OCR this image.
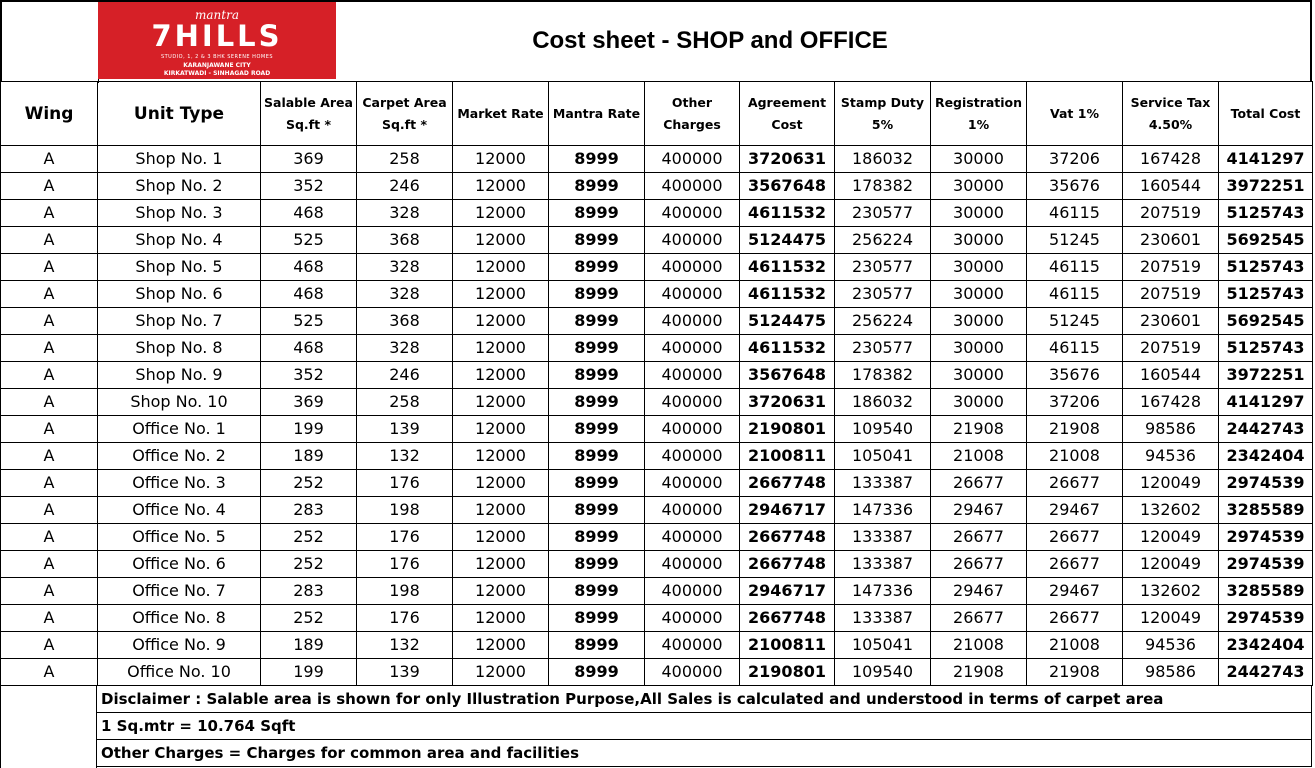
mantra
7HILLS
STUDIO, 1, 2 & 3 BHK SERENE HOMES
KARANJAWANE CITY
KIRKATWADI - SINHAGAD ROAD
Cost sheet - SHOP and OFFICE
Wing	Unit Type	Salable Area Sq.ft *	Carpet Area Sq.ft *	Market Rate	Mantra Rate	Other Charges	Agreement Cost	Stamp Duty 5%	Registration 1%	Vat 1%	Service Tax 4.50%	Total Cost
A	Shop No. 1	369	258	12000	8999	400000	3720631	186032	30000	37206	167428	4141297
A	Shop No. 2	352	246	12000	8999	400000	3567648	178382	30000	35676	160544	3972251
A	Shop No. 3	468	328	12000	8999	400000	4611532	230577	30000	46115	207519	5125743
A	Shop No. 4	525	368	12000	8999	400000	5124475	256224	30000	51245	230601	5692545
A	Shop No. 5	468	328	12000	8999	400000	4611532	230577	30000	46115	207519	5125743
A	Shop No. 6	468	328	12000	8999	400000	4611532	230577	30000	46115	207519	5125743
A	Shop No. 7	525	368	12000	8999	400000	5124475	256224	30000	51245	230601	5692545
A	Shop No. 8	468	328	12000	8999	400000	4611532	230577	30000	46115	207519	5125743
A	Shop No. 9	352	246	12000	8999	400000	3567648	178382	30000	35676	160544	3972251
A	Shop No. 10	369	258	12000	8999	400000	3720631	186032	30000	37206	167428	4141297
A	Office No. 1	199	139	12000	8999	400000	2190801	109540	21908	21908	98586	2442743
A	Office No. 2	189	132	12000	8999	400000	2100811	105041	21008	21008	94536	2342404
A	Office No. 3	252	176	12000	8999	400000	2667748	133387	26677	26677	120049	2974539
A	Office No. 4	283	198	12000	8999	400000	2946717	147336	29467	29467	132602	3285589
A	Office No. 5	252	176	12000	8999	400000	2667748	133387	26677	26677	120049	2974539
A	Office No. 6	252	176	12000	8999	400000	2667748	133387	26677	26677	120049	2974539
A	Office No. 7	283	198	12000	8999	400000	2946717	147336	29467	29467	132602	3285589
A	Office No. 8	252	176	12000	8999	400000	2667748	133387	26677	26677	120049	2974539
A	Office No. 9	189	132	12000	8999	400000	2100811	105041	21008	21008	94536	2342404
A	Office No. 10	199	139	12000	8999	400000	2190801	109540	21908	21908	98586	2442743
Disclaimer : Salable area is shown for only Illustration Purpose,All Sales is calculated and understood in terms of carpet area
1 Sq.mtr = 10.764 Sqft
Other Charges = Charges for common area and facilities
